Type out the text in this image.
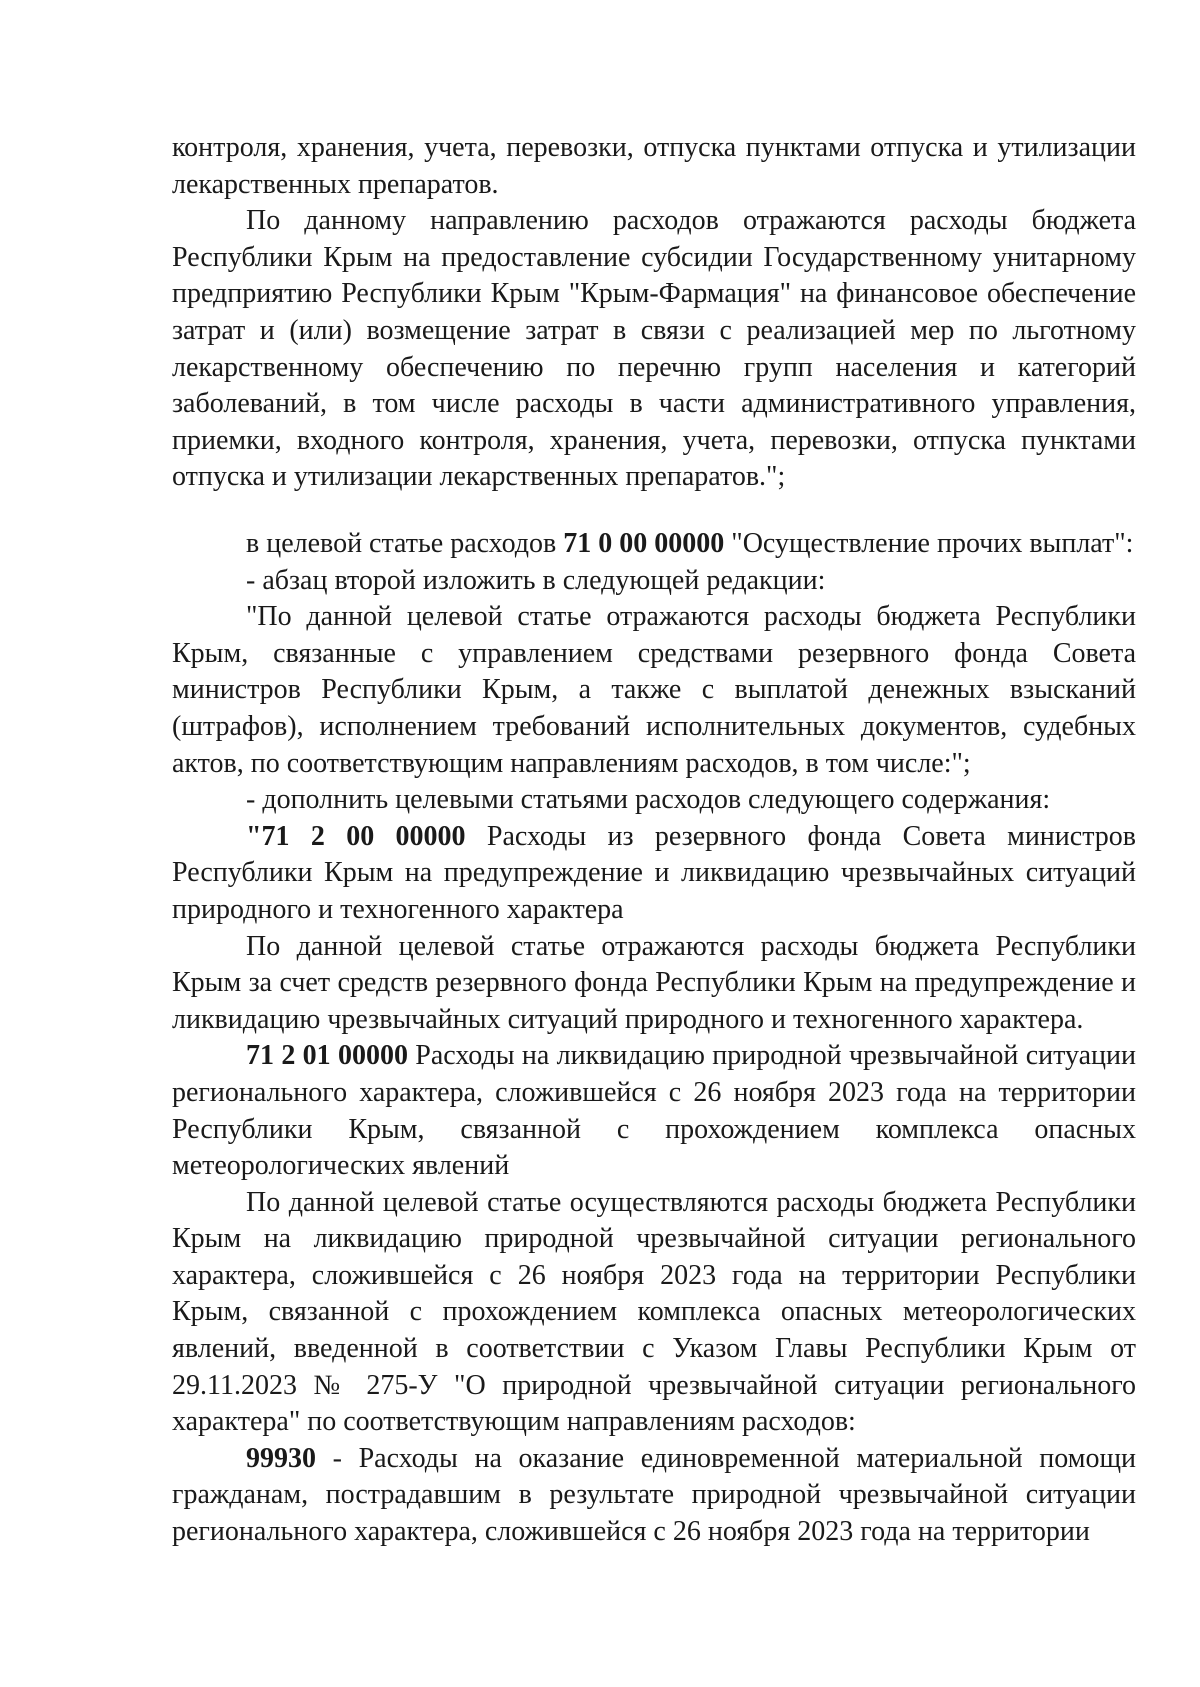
контроля, хранения, учета, перевозки, отпуска пунктами отпуска и утилизации лекарственных препаратов.

По данному направлению расходов отражаются расходы бюджета Республики Крым на предоставление субсидии Государственному унитарному предприятию Республики Крым "Крым-Фармация" на финансовое обеспечение затрат и (или) возмещение затрат в связи с реализацией мер по льготному лекарственному обеспечению по перечню групп населения и категорий заболеваний, в том числе расходы в части административного управления, приемки, входного контроля, хранения, учета, перевозки, отпуска пунктами отпуска и утилизации лекарственных препаратов.";

в целевой статье расходов 71 0 00 00000 "Осуществление прочих выплат":

- абзац второй изложить в следующей редакции:

"По данной целевой статье отражаются расходы бюджета Республики Крым, связанные с управлением средствами резервного фонда Совета министров Республики Крым, а также с выплатой денежных взысканий (штрафов), исполнением требований исполнительных документов, судебных актов, по соответствующим направлениям расходов, в том числе:";

- дополнить целевыми статьями расходов следующего содержания:

"71 2 00 00000 Расходы из резервного фонда Совета министров Республики Крым на предупреждение и ликвидацию чрезвычайных ситуаций природного и техногенного характера

По данной целевой статье отражаются расходы бюджета Республики Крым за счет средств резервного фонда Республики Крым на предупреждение и ликвидацию чрезвычайных ситуаций природного и техногенного характера.

71 2 01 00000 Расходы на ликвидацию природной чрезвычайной ситуации регионального характера, сложившейся с 26 ноября 2023 года на территории Республики Крым, связанной с прохождением комплекса опасных метеорологических явлений

По данной целевой статье осуществляются расходы бюджета Республики Крым на ликвидацию природной чрезвычайной ситуации регионального характера, сложившейся с 26 ноября 2023 года на территории Республики Крым, связанной с прохождением комплекса опасных метеорологических явлений, введенной в соответствии с Указом Главы Республики Крым от 29.11.2023 № 275-У "О природной чрезвычайной ситуации регионального характера" по соответствующим направлениям расходов:

99930 - Расходы на оказание единовременной материальной помощи гражданам, пострадавшим в результате природной чрезвычайной ситуации регионального характера, сложившейся с 26 ноября 2023 года на территории
